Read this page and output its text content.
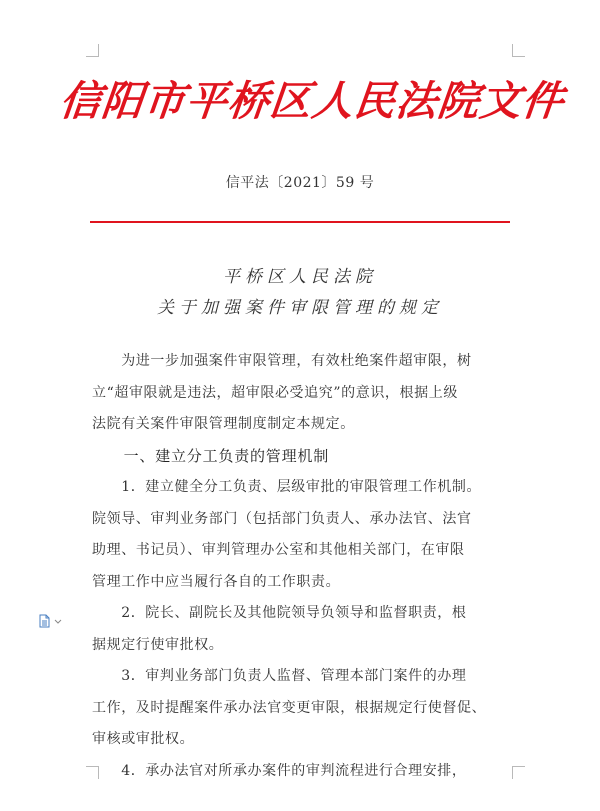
信阳市平桥区人民法院文件
信平法〔2021〕59 号
平桥区人民法院
关于加强案件审限管理的规定
　　为进一步加强案件审限管理，有效杜绝案件超审限，树
立“超审限就是违法，超审限必受追究”的意识，根据上级
法院有关案件审限管理制度制定本规定。
　　一、建立分工负责的管理机制
　　1．建立健全分工负责、层级审批的审限管理工作机制。
院领导、审判业务部门（包括部门负责人、承办法官、法官
助理、书记员）、审判管理办公室和其他相关部门，在审限
管理工作中应当履行各自的工作职责。
　　2．院长、副院长及其他院领导负领导和监督职责，根
据规定行使审批权。
　　3．审判业务部门负责人监督、管理本部门案件的办理
工作，及时提醒案件承办法官变更审限，根据规定行使督促、
审核或审批权。
　　4．承办法官对所承办案件的审判流程进行合理安排，
